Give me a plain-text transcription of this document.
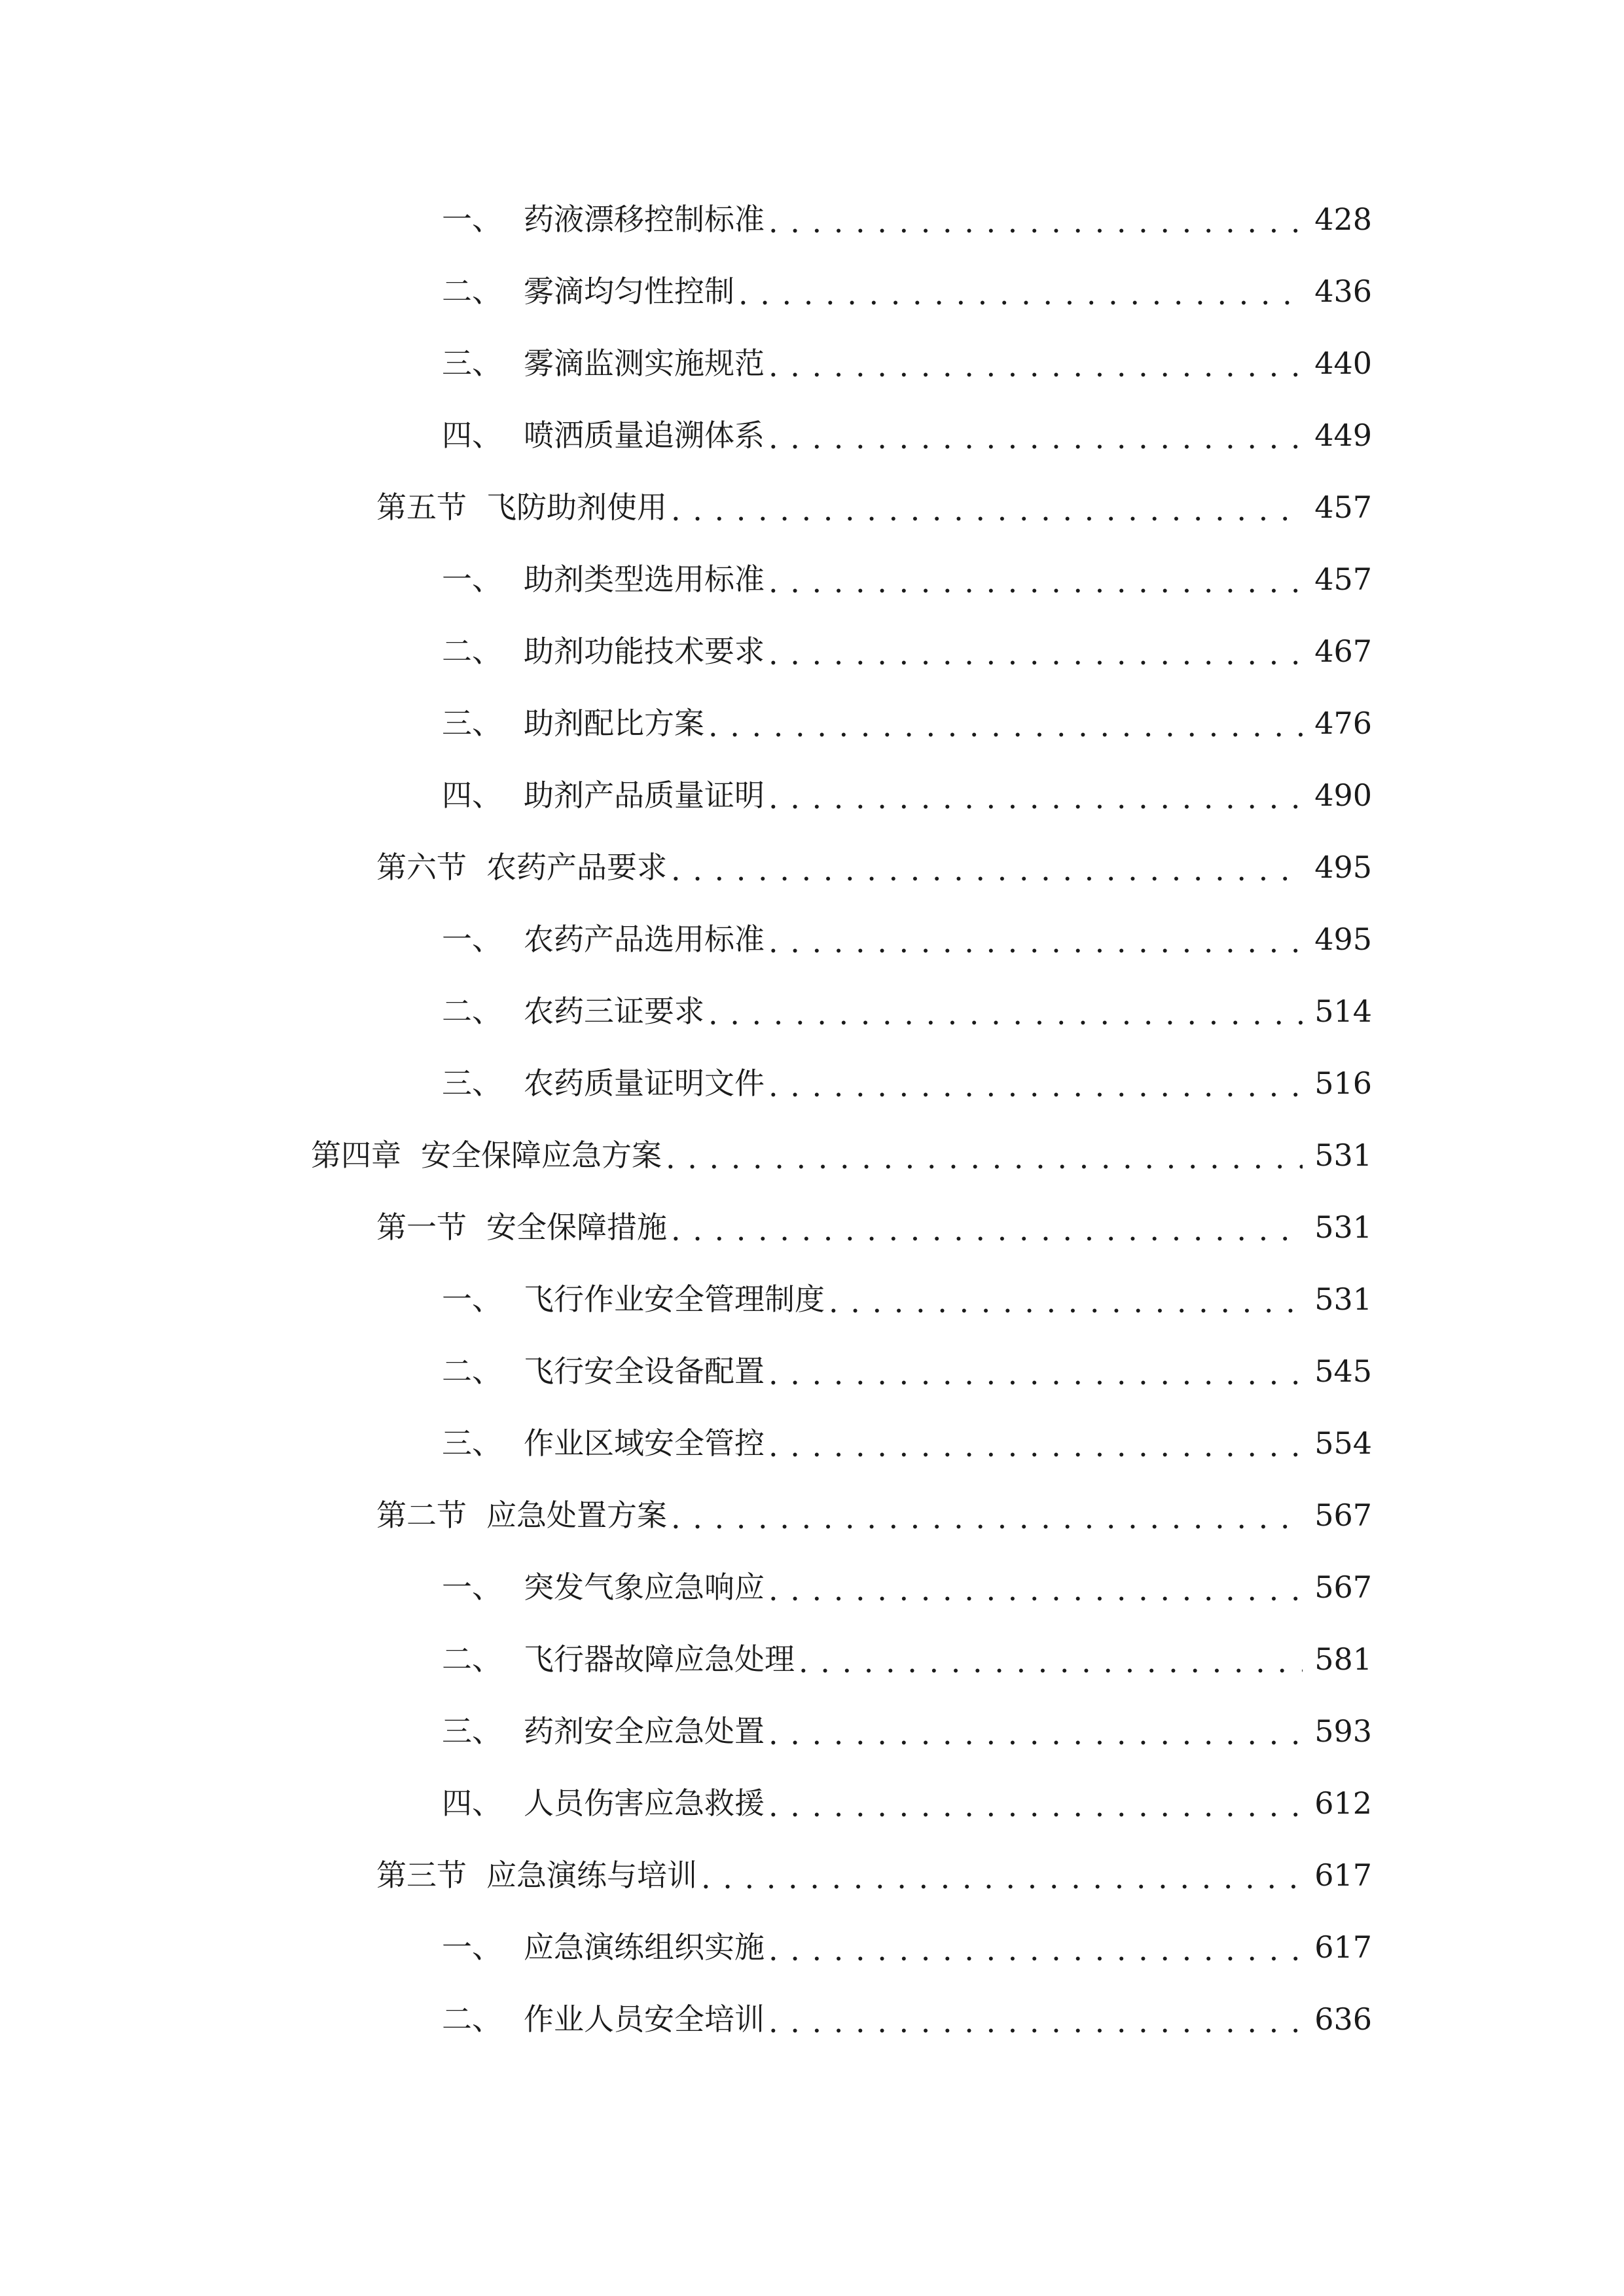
一、 药液漂移控制标准 . . .	428
二、 雾滴均匀性控制 . . .	436
三、 雾滴监测实施规范 . . .	440
四、 喷洒质量追溯体系 . . .	449
第五节 飞防助剂使用 . . .	457
一、 助剂类型选用标准 . . .	457
二、 助剂功能技术要求 . . .	467
三、 助剂配比方案 . . .	476
四、 助剂产品质量证明 . . .	490
第六节 农药产品要求 . . .	495
一、 农药产品选用标准 . . .	495
二、 农药三证要求 . . .	514
三、 农药质量证明文件 . . .	516
第四章 安全保障应急方案 . . .	531
第一节 安全保障措施 . . .	531
一、 飞行作业安全管理制度 . . .	531
二、 飞行安全设备配置 . . .	545
三、 作业区域安全管控 . . .	554
第二节 应急处置方案 . . .	567
一、 突发气象应急响应 . . .	567
二、 飞行器故障应急处理 . . .	581
三、 药剂安全应急处置 . . .	593
四、 人员伤害应急救援 . . .	612
第三节 应急演练与培训 . . .	617
一、 应急演练组织实施 . . .	617
二、 作业人员安全培训 . . .	636
